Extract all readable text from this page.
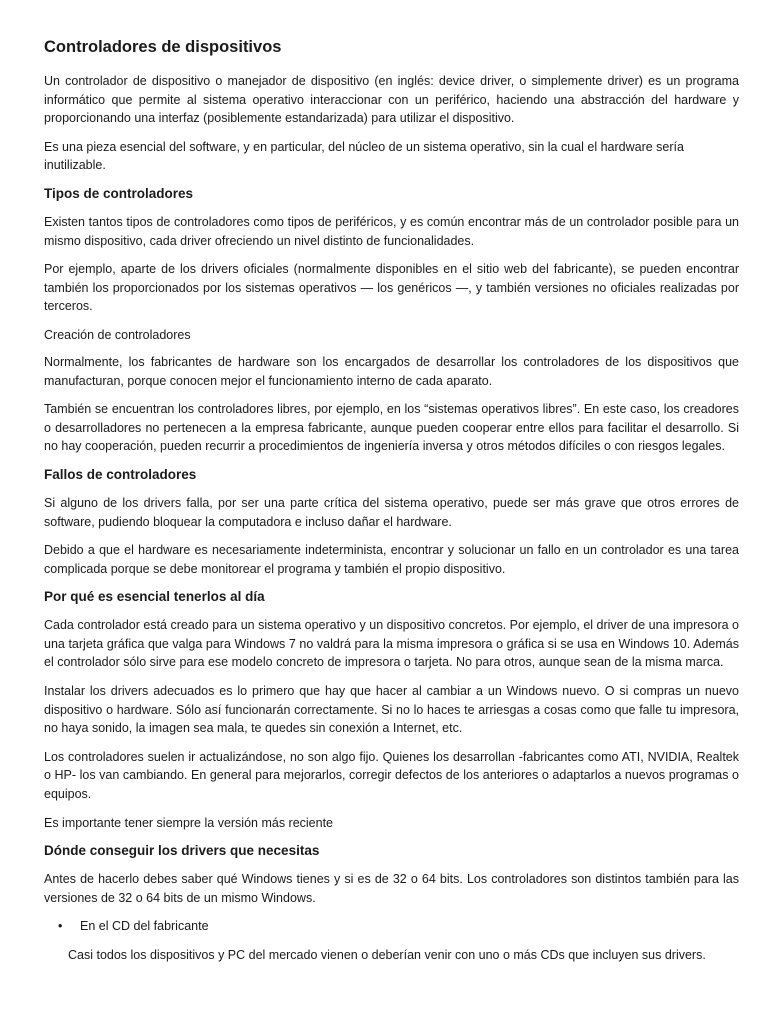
Controladores de dispositivos

Un controlador de dispositivo o manejador de dispositivo (en inglés: device driver, o simplemente driver) es un programa informático que permite al sistema operativo interaccionar con un periférico, haciendo una abstracción del hardware y proporcionando una interfaz (posiblemente estandarizada) para utilizar el dispositivo.

Es una pieza esencial del software, y en particular, del núcleo de un sistema operativo, sin la cual el hardware sería inutilizable.

Tipos de controladores

Existen tantos tipos de controladores como tipos de periféricos, y es común encontrar más de un controlador posible para un mismo dispositivo, cada driver ofreciendo un nivel distinto de funcionalidades.

Por ejemplo, aparte de los drivers oficiales (normalmente disponibles en el sitio web del fabricante), se pueden encontrar también los proporcionados por los sistemas operativos — los genéricos —, y también versiones no oficiales realizadas por terceros.

Creación de controladores

Normalmente, los fabricantes de hardware son los encargados de desarrollar los controladores de los dispositivos que manufacturan, porque conocen mejor el funcionamiento interno de cada aparato.

También se encuentran los controladores libres, por ejemplo, en los “sistemas operativos libres”. En este caso, los creadores o desarrolladores no pertenecen a la empresa fabricante, aunque pueden cooperar entre ellos para facilitar el desarrollo. Si no hay cooperación, pueden recurrir a procedimientos de ingeniería inversa y otros métodos difíciles o con riesgos legales.

Fallos de controladores

Si alguno de los drivers falla, por ser una parte crítica del sistema operativo, puede ser más grave que otros errores de software, pudiendo bloquear la computadora e incluso dañar el hardware.

Debido a que el hardware es necesariamente indeterminista, encontrar y solucionar un fallo en un controlador es una tarea complicada porque se debe monitorear el programa y también el propio dispositivo.

Por qué es esencial tenerlos al día

Cada controlador está creado para un sistema operativo y un dispositivo concretos. Por ejemplo, el driver de una impresora o una tarjeta gráfica que valga para Windows 7 no valdrá para la misma impresora o gráfica si se usa en Windows 10. Además el controlador sólo sirve para ese modelo concreto de impresora o tarjeta. No para otros, aunque sean de la misma marca.

Instalar los drivers adecuados es lo primero que hay que hacer al cambiar a un Windows nuevo. O si compras un nuevo dispositivo o hardware. Sólo así funcionarán correctamente. Si no lo haces te arriesgas a cosas como que falle tu impresora, no haya sonido, la imagen sea mala, te quedes sin conexión a Internet, etc.

Los controladores suelen ir actualizándose, no son algo fijo. Quienes los desarrollan -fabricantes como ATI, NVIDIA, Realtek o HP- los van cambiando. En general para mejorarlos, corregir defectos de los anteriores o adaptarlos a nuevos programas o equipos.

Es importante tener siempre la versión más reciente

Dónde conseguir los drivers que necesitas

Antes de hacerlo debes saber qué Windows tienes y si es de 32 o 64 bits. Los controladores son distintos también para las versiones de 32 o 64 bits de un mismo Windows.

•	En el CD del fabricante

Casi todos los dispositivos y PC del mercado vienen o deberían venir con uno o más CDs que incluyen sus drivers.
